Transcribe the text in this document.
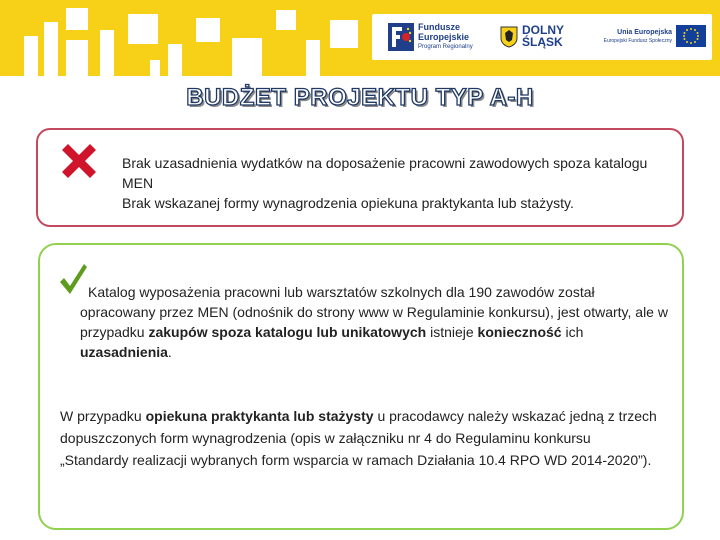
Fundusze Europejskie
Program Regionalny
DOLNY
ŚLĄSK
Unia Europejska
Europejski Fundusz Społeczny
BUDŻET PROJEKTU TYP A-H
Brak uzasadnienia wydatków na doposażenie pracowni zawodowych spoza katalogu MEN
Brak wskazanej formy wynagrodzenia opiekuna praktykanta lub stażysty.
Katalog wyposażenia pracowni lub warsztatów szkolnych dla 190 zawodów został opracowany przez MEN (odnośnik do strony www w Regulaminie konkursu), jest otwarty, ale w przypadku zakupów spoza katalogu lub unikatowych istnieje konieczność ich uzasadnienia.
W przypadku opiekuna praktykanta lub stażysty u pracodawcy należy wskazać jedną z trzech dopuszczonych form wynagrodzenia (opis w załączniku nr 4 do Regulaminu konkursu „Standardy realizacji wybranych form wsparcia w ramach Działania 10.4 RPO WD 2014-2020”).
